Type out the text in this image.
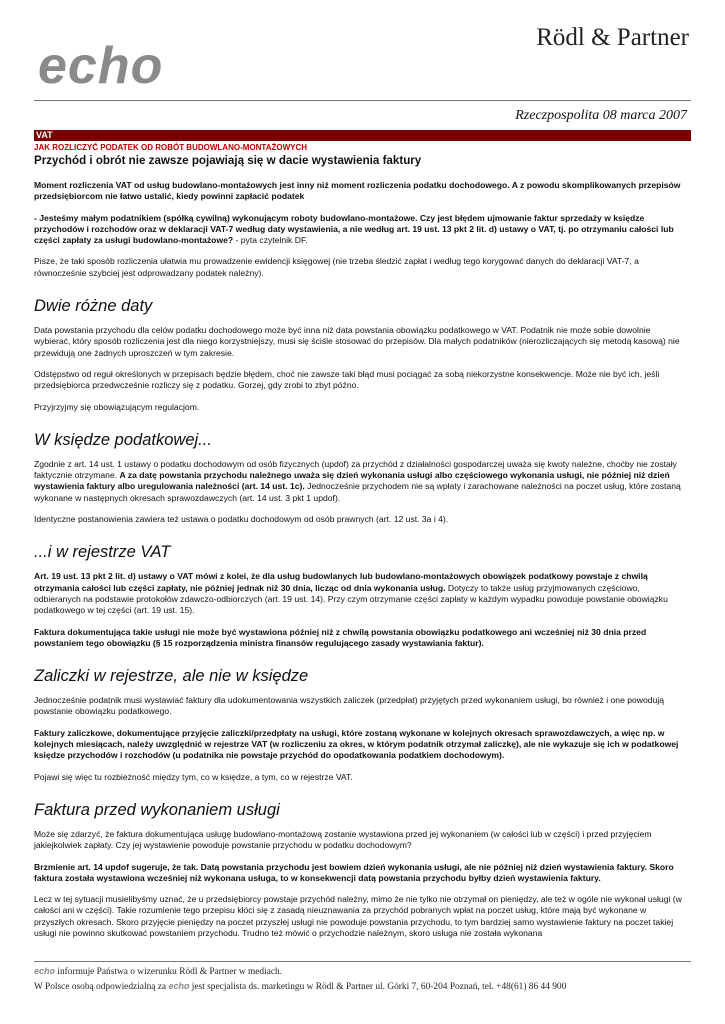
echo	Rödl & Partner
Rzeczpospolita 08 marca 2007
VAT
JAK ROZLICZYĆ PODATEK OD ROBÓT BUDOWLANO-MONTAŻOWYCH
Przychód i obrót nie zawsze pojawiają się w dacie wystawienia faktury

Moment rozliczenia VAT od usług budowlano-montażowych jest inny niż moment rozliczenia podatku dochodowego. A z powodu skomplikowanych przepisów przedsiębiorcom nie łatwo ustalić, kiedy powinni zapłacić podatek

- Jesteśmy małym podatnikiem (spółką cywilną) wykonującym roboty budowlano-montażowe. Czy jest błędem ujmowanie faktur sprzedaży w księdze przychodów i rozchodów oraz w deklaracji VAT-7 według daty wystawienia, a nie według art. 19 ust. 13 pkt 2 lit. d) ustawy o VAT, tj. po otrzymaniu całości lub części zapłaty za usługi budowlano-montażowe? - pyta czytelnik DF.

Pisze, że taki sposób rozliczenia ułatwia mu prowadzenie ewidencji księgowej (nie trzeba śledzić zapłat i według tego korygować danych do deklaracji VAT-7, a równocześnie szybciej jest odprowadzany podatek należny).

Dwie różne daty

Data powstania przychodu dla celów podatku dochodowego może być inna niż data powstania obowiązku podatkowego w VAT. Podatnik nie może sobie dowolnie wybierać, który sposób rozliczenia jest dla niego korzystniejszy, musi się ściśle stosować do przepisów. Dla małych podatników (nierozliczających się metodą kasową) nie przewidują one żadnych uproszczeń w tym zakresie.

Odstępstwo od reguł określonych w przepisach będzie błędem, choć nie zawsze taki błąd musi pociągać za sobą niekorzystne konsekwencje. Może nie być ich, jeśli przedsiębiorca przedwcześnie rozliczy się z podatku. Gorzej, gdy zrobi to zbyt późno.

Przyjrzyjmy się obowiązującym regulacjom.

W księdze podatkowej...

Zgodnie z art. 14 ust. 1 ustawy o podatku dochodowym od osób fizycznych (updof) za przychód z działalności gospodarczej uważa się kwoty należne, choćby nie zostały faktycznie otrzymane. A za datę powstania przychodu należnego uważa się dzień wykonania usługi albo częściowego wykonania usługi, nie później niż dzień wystawienia faktury albo uregulowania należności (art. 14 ust. 1c). Jednocześnie przychodem nie są wpłaty i zarachowane należności na poczet usług, które zostaną wykonane w następnych okresach sprawozdawczych (art. 14 ust. 3 pkt 1 updof).

Identyczne postanowienia zawiera też ustawa o podatku dochodowym od osób prawnych (art. 12 ust. 3a i 4).

...i w rejestrze VAT

Art. 19 ust. 13 pkt 2 lit. d) ustawy o VAT mówi z kolei, że dla usług budowlanych lub budowlano-montażowych obowiązek podatkowy powstaje z chwilą otrzymania całości lub części zapłaty, nie później jednak niż 30 dnia, licząc od dnia wykonania usług. Dotyczy to także usług przyjmowanych częściowo, odbieranych na podstawie protokołów zdawczo-odbiorczych (art. 19 ust. 14). Przy czym otrzymanie części zapłaty w każdym wypadku powoduje powstanie obowiązku podatkowego w tej części (art. 19 ust. 15).

Faktura dokumentująca takie usługi nie może być wystawiona później niż z chwilą powstania obowiązku podatkowego ani wcześniej niż 30 dnia przed powstaniem tego obowiązku (§ 15 rozporządzenia ministra finansów regulującego zasady wystawiania faktur).

Zaliczki w rejestrze, ale nie w księdze

Jednocześnie podatnik musi wystawiać faktury dla udokumentowania wszystkich zaliczek (przedpłat) przyjętych przed wykonaniem usługi, bo również i one powodują powstanie obowiązku podatkowego.

Faktury zaliczkowe, dokumentujące przyjęcie zaliczki/przedpłaty na usługi, które zostaną wykonane w kolejnych okresach sprawozdawczych, a więc np. w kolejnych miesiącach, należy uwzględnić w rejestrze VAT (w rozliczeniu za okres, w którym podatnik otrzymał zaliczkę), ale nie wykazuje się ich w podatkowej księdze przychodów i rozchodów (u podatnika nie powstaje przychód do opodatkowania podatkiem dochodowym).

Pojawi się więc tu rozbieżność między tym, co w księdze, a tym, co w rejestrze VAT.

Faktura przed wykonaniem usługi

Może się zdarzyć, że faktura dokumentująca usługę budowlano-montażową zostanie wystawiona przed jej wykonaniem (w całości lub w części) i przed przyjęciem jakiejkolwiek zapłaty. Czy jej wystawienie powoduje powstanie przychodu w podatku dochodowym?

Brzmienie art. 14 updof sugeruje, że tak. Datą powstania przychodu jest bowiem dzień wykonania usługi, ale nie później niż dzień wystawienia faktury. Skoro faktura została wystawiona wcześniej niż wykonana usługa, to w konsekwencji datą powstania przychodu byłby dzień wystawienia faktury.

Lecz w tej sytuacji musielibyśmy uznać, że u przedsiębiorcy powstaje przychód należny, mimo że nie tylko nie otrzymał on pieniędzy, ale też w ogóle nie wykonał usługi (w całości ani w części). Takie rozumienie tego przepisu kłóci się z zasadą nieuznawania za przychód pobranych wpłat na poczet usług, które mają być wykonane w przyszłych okresach. Skoro przyjęcie pieniędzy na poczet przyszłej usługi nie powoduje powstania przychodu, to tym bardziej samo wystawienie faktury na poczet takiej usługi nie powinno skutkować powstaniem przychodu. Trudno też mówić o przychodzie należnym, skoro usługa nie została wykonana

echo informuje Państwa o wizerunku Rödl & Partner w mediach.
W Polsce osobą odpowiedzialną za echo jest specjalista ds. marketingu w Rödl & Partner ul. Górki 7, 60-204 Poznań, tel. +48(61) 86 44 900
